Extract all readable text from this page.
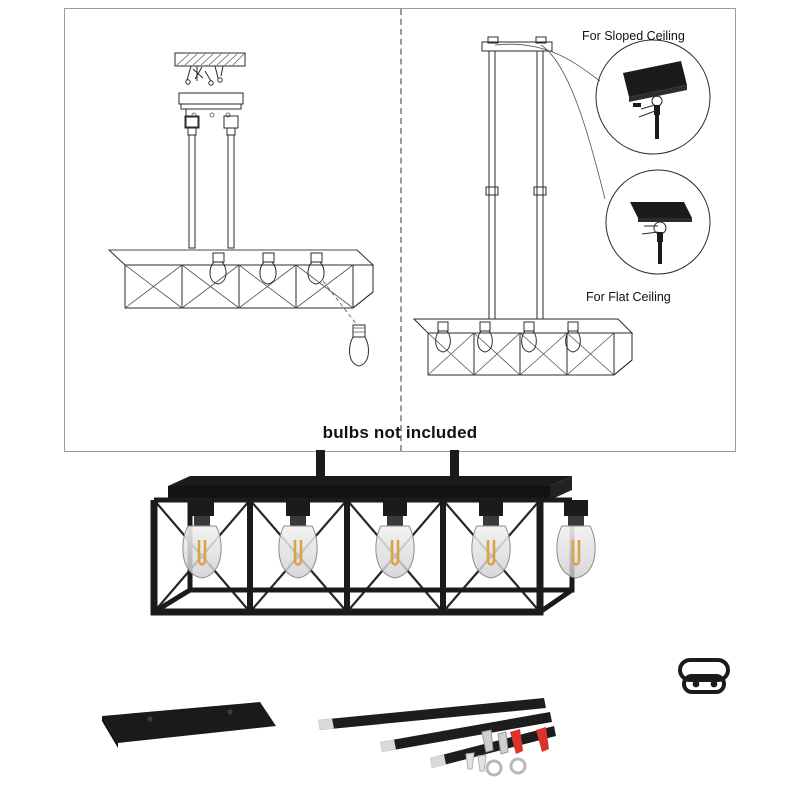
For Sloped Ceiling
For Flat Ceiling
bulbs not included
